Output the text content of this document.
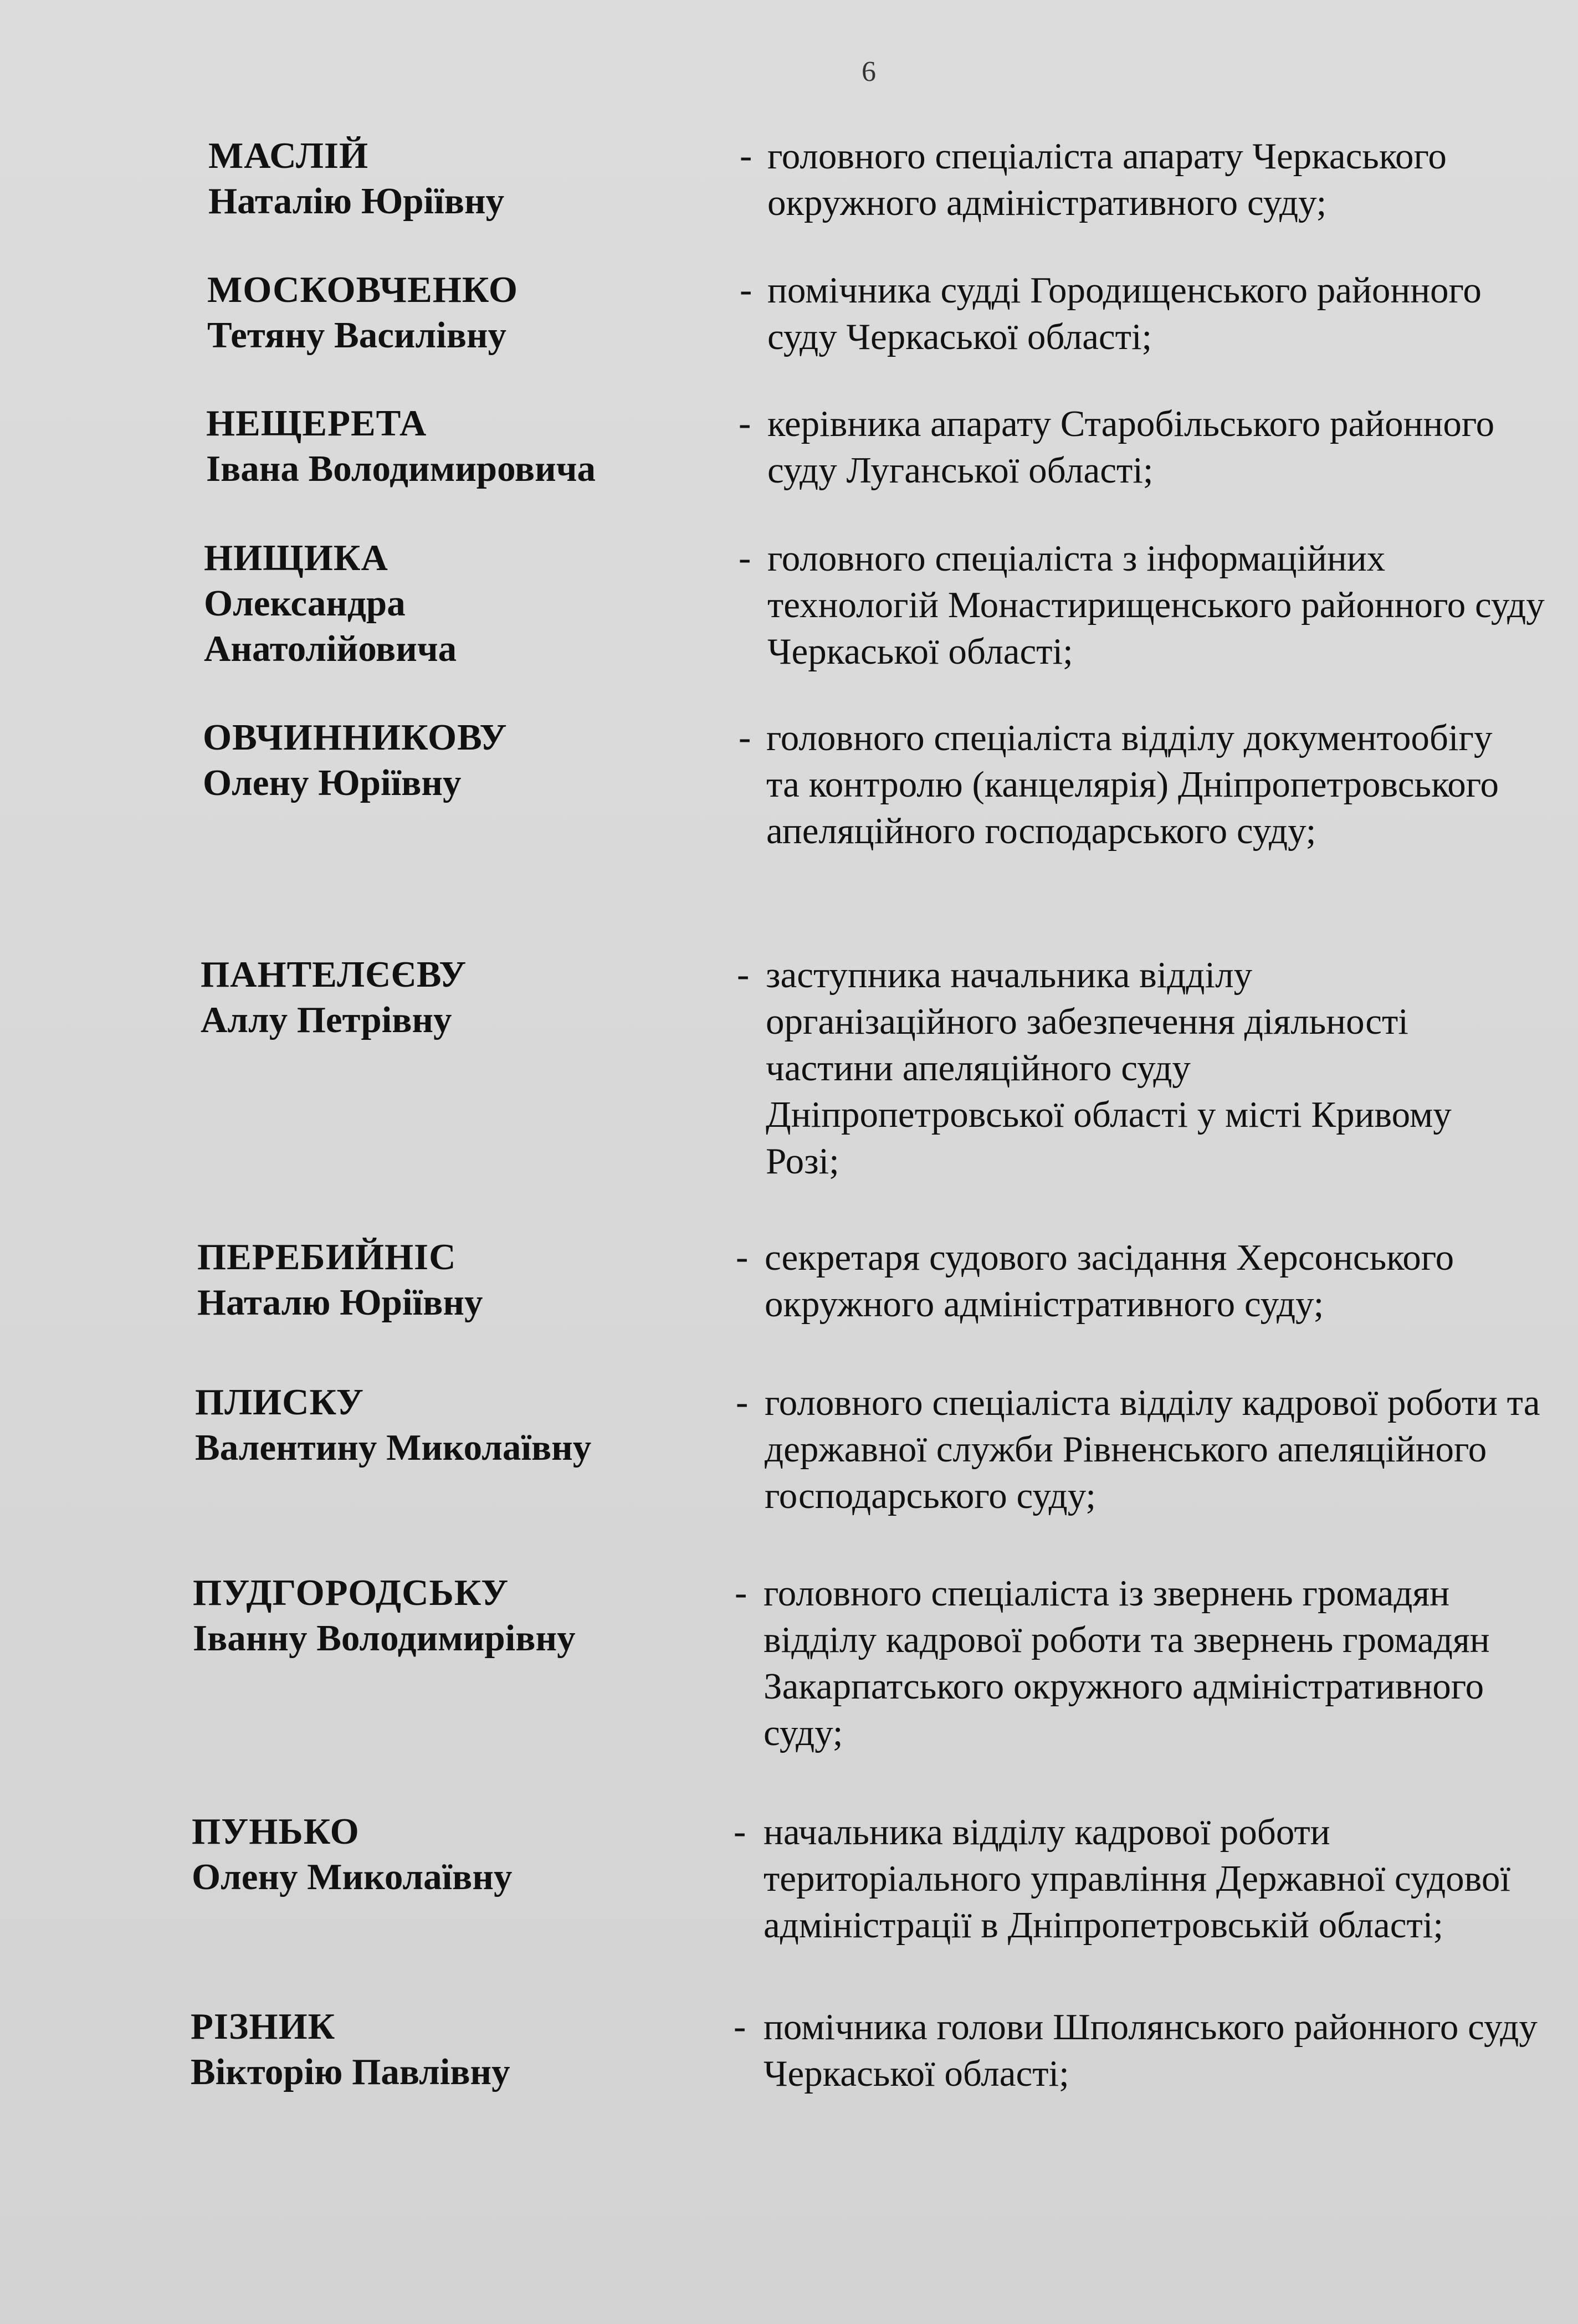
6
МАСЛІЙ
Наталію Юріївну
- головного спеціаліста апарату Черкаського окружного адміністративного суду;
МОСКОВЧЕНКО
Тетяну Василівну
- помічника судді Городищенського районного суду Черкаської області;
НЕЩЕРЕТА
Івана Володимировича
- керівника апарату Старобільського районного суду Луганської області;
НИЩИКА
Олександра Анатолійовича
- головного спеціаліста з інформаційних технологій Монастирищенського районного суду Черкаської області;
ОВЧИННИКОВУ
Олену Юріївну
- головного спеціаліста відділу документообігу та контролю (канцелярія) Дніпропетровського апеляційного господарського суду;
ПАНТЕЛЄЄВУ
Аллу Петрівну
- заступника начальника відділу організаційного забезпечення діяльності частини апеляційного суду Дніпропетровської області у місті Кривому Розі;
ПЕРЕБИЙНІС
Наталю Юріївну
- секретаря судового засідання Херсонського окружного адміністративного суду;
ПЛИСКУ
Валентину Миколаївну
- головного спеціаліста відділу кадрової роботи та державної служби Рівненського апеляційного господарського суду;
ПУДГОРОДСЬКУ
Іванну Володимирівну
- головного спеціаліста із звернень громадян відділу кадрової роботи та звернень громадян Закарпатського окружного адміністративного суду;
ПУНЬКО
Олену Миколаївну
- начальника відділу кадрової роботи територіального управління Державної судової адміністрації в Дніпропетровській області;
РІЗНИК
Вікторію Павлівну
- помічника голови Шполянського районного суду Черкаської області;
